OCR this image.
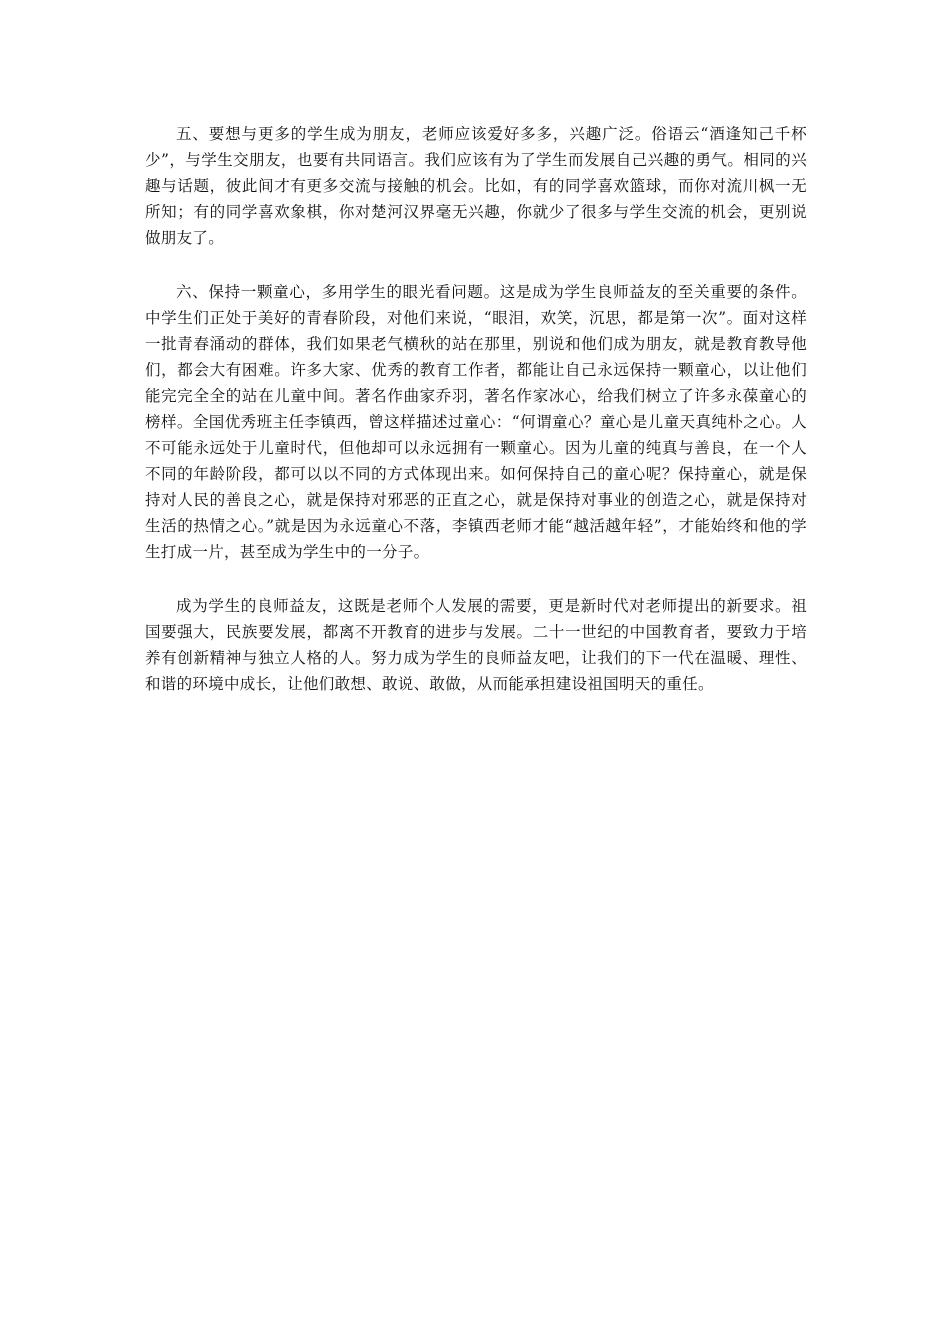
五、要想与更多的学生成为朋友，老师应该爱好多多，兴趣广泛。俗语云“酒逢知己千杯少”，与学生交朋友，也要有共同语言。我们应该有为了学生而发展自己兴趣的勇气。相同的兴趣与话题，彼此间才有更多交流与接触的机会。比如，有的同学喜欢篮球，而你对流川枫一无所知；有的同学喜欢象棋，你对楚河汉界毫无兴趣，你就少了很多与学生交流的机会，更别说做朋友了。

六、保持一颗童心，多用学生的眼光看问题。这是成为学生良师益友的至关重要的条件。中学生们正处于美好的青春阶段，对他们来说，“眼泪，欢笑，沉思，都是第一次”。面对这样一批青春涌动的群体，我们如果老气横秋的站在那里，别说和他们成为朋友，就是教育教导他们，都会大有困难。许多大家、优秀的教育工作者，都能让自己永远保持一颗童心，以让他们能完完全全的站在儿童中间。著名作曲家乔羽，著名作家冰心，给我们树立了许多永葆童心的榜样。全国优秀班主任李镇西，曾这样描述过童心：“何谓童心？童心是儿童天真纯朴之心。人不可能永远处于儿童时代，但他却可以永远拥有一颗童心。因为儿童的纯真与善良，在一个人不同的年龄阶段，都可以以不同的方式体现出来。如何保持自己的童心呢？保持童心，就是保持对人民的善良之心，就是保持对邪恶的正直之心，就是保持对事业的创造之心，就是保持对生活的热情之心。”就是因为永远童心不落，李镇西老师才能“越活越年轻”，才能始终和他的学生打成一片，甚至成为学生中的一分子。

成为学生的良师益友，这既是老师个人发展的需要，更是新时代对老师提出的新要求。祖国要强大，民族要发展，都离不开教育的进步与发展。二十一世纪的中国教育者，要致力于培养有创新精神与独立人格的人。努力成为学生的良师益友吧，让我们的下一代在温暖、理性、和谐的环境中成长，让他们敢想、敢说、敢做，从而能承担建设祖国明天的重任。
